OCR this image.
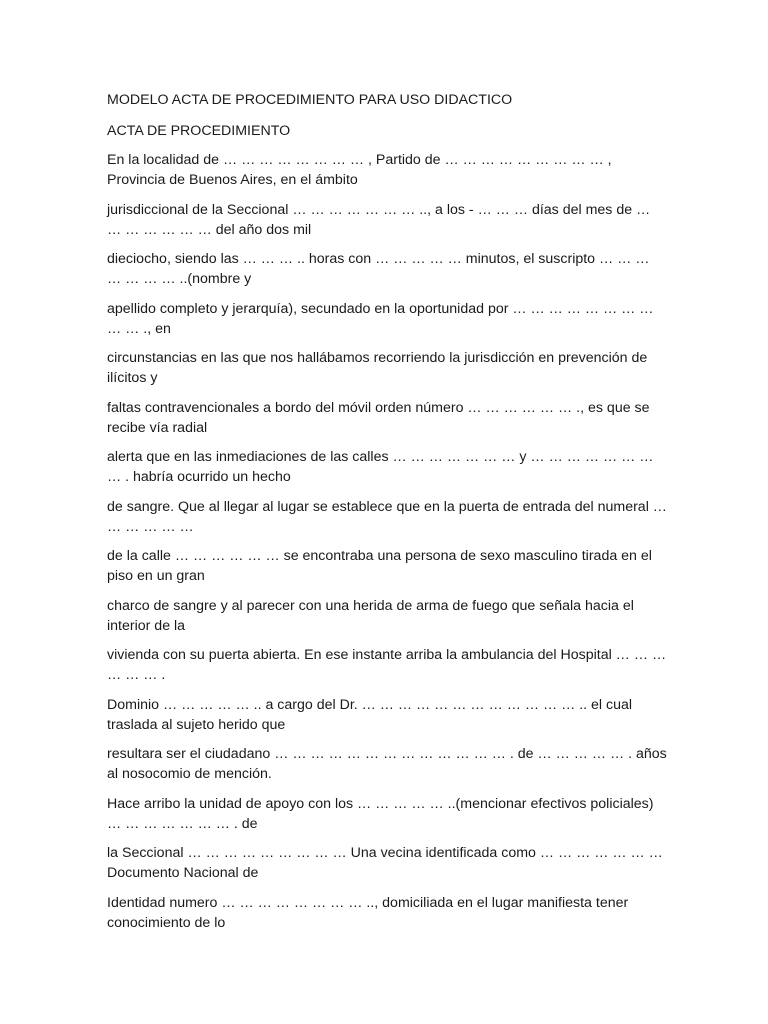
MODELO ACTA DE PROCEDIMIENTO PARA USO DIDACTICO

ACTA DE PROCEDIMIENTO

En la localidad de … … … … … … … … , Partido de … … … … … … … … … , Provincia de Buenos Aires, en el ámbito

jurisdiccional de la Seccional … … … … … … … .., a los - … … … días del mes de … … … … … … … del año dos mil

dieciocho, siendo las … … … .. horas con … … … … … minutos, el suscripto … … … … … … … ..(nombre y

apellido completo y jerarquía), secundado en la oportunidad por … … … … … … … … … … ., en

circunstancias en las que nos hallábamos recorriendo la jurisdicción en prevención de ilícitos y

faltas contravencionales a bordo del móvil orden número … … … … … … ., es que se recibe vía radial

alerta que en las inmediaciones de las calles … … … … … … … y … … … … … … … … . habría ocurrido un hecho

de sangre. Que al llegar al lugar se establece que en la puerta de entrada del numeral … … … … … …

de la calle … … … … … … se encontraba una persona de sexo masculino tirada en el piso en un gran

charco de sangre y al parecer con una herida de arma de fuego que señala hacia el interior de la

vivienda con su puerta abierta. En ese instante arriba la ambulancia del Hospital … … … … … … .

Dominio … … … … … .. a cargo del Dr. … … … … … … … … … … … … .. el cual traslada al sujeto herido que

resultara ser el ciudadano … … … … … … … … … … … … … . de … … … … … . años al nosocomio de mención.

Hace arribo la unidad de apoyo con los … … … … … ..(mencionar efectivos policiales) … … … … … … … . de

la Seccional … … … … … … … … … Una vecina identificada como … … … … … … … Documento Nacional de

Identidad numero … … … … … … … … .., domiciliada en el lugar manifiesta tener conocimiento de lo
